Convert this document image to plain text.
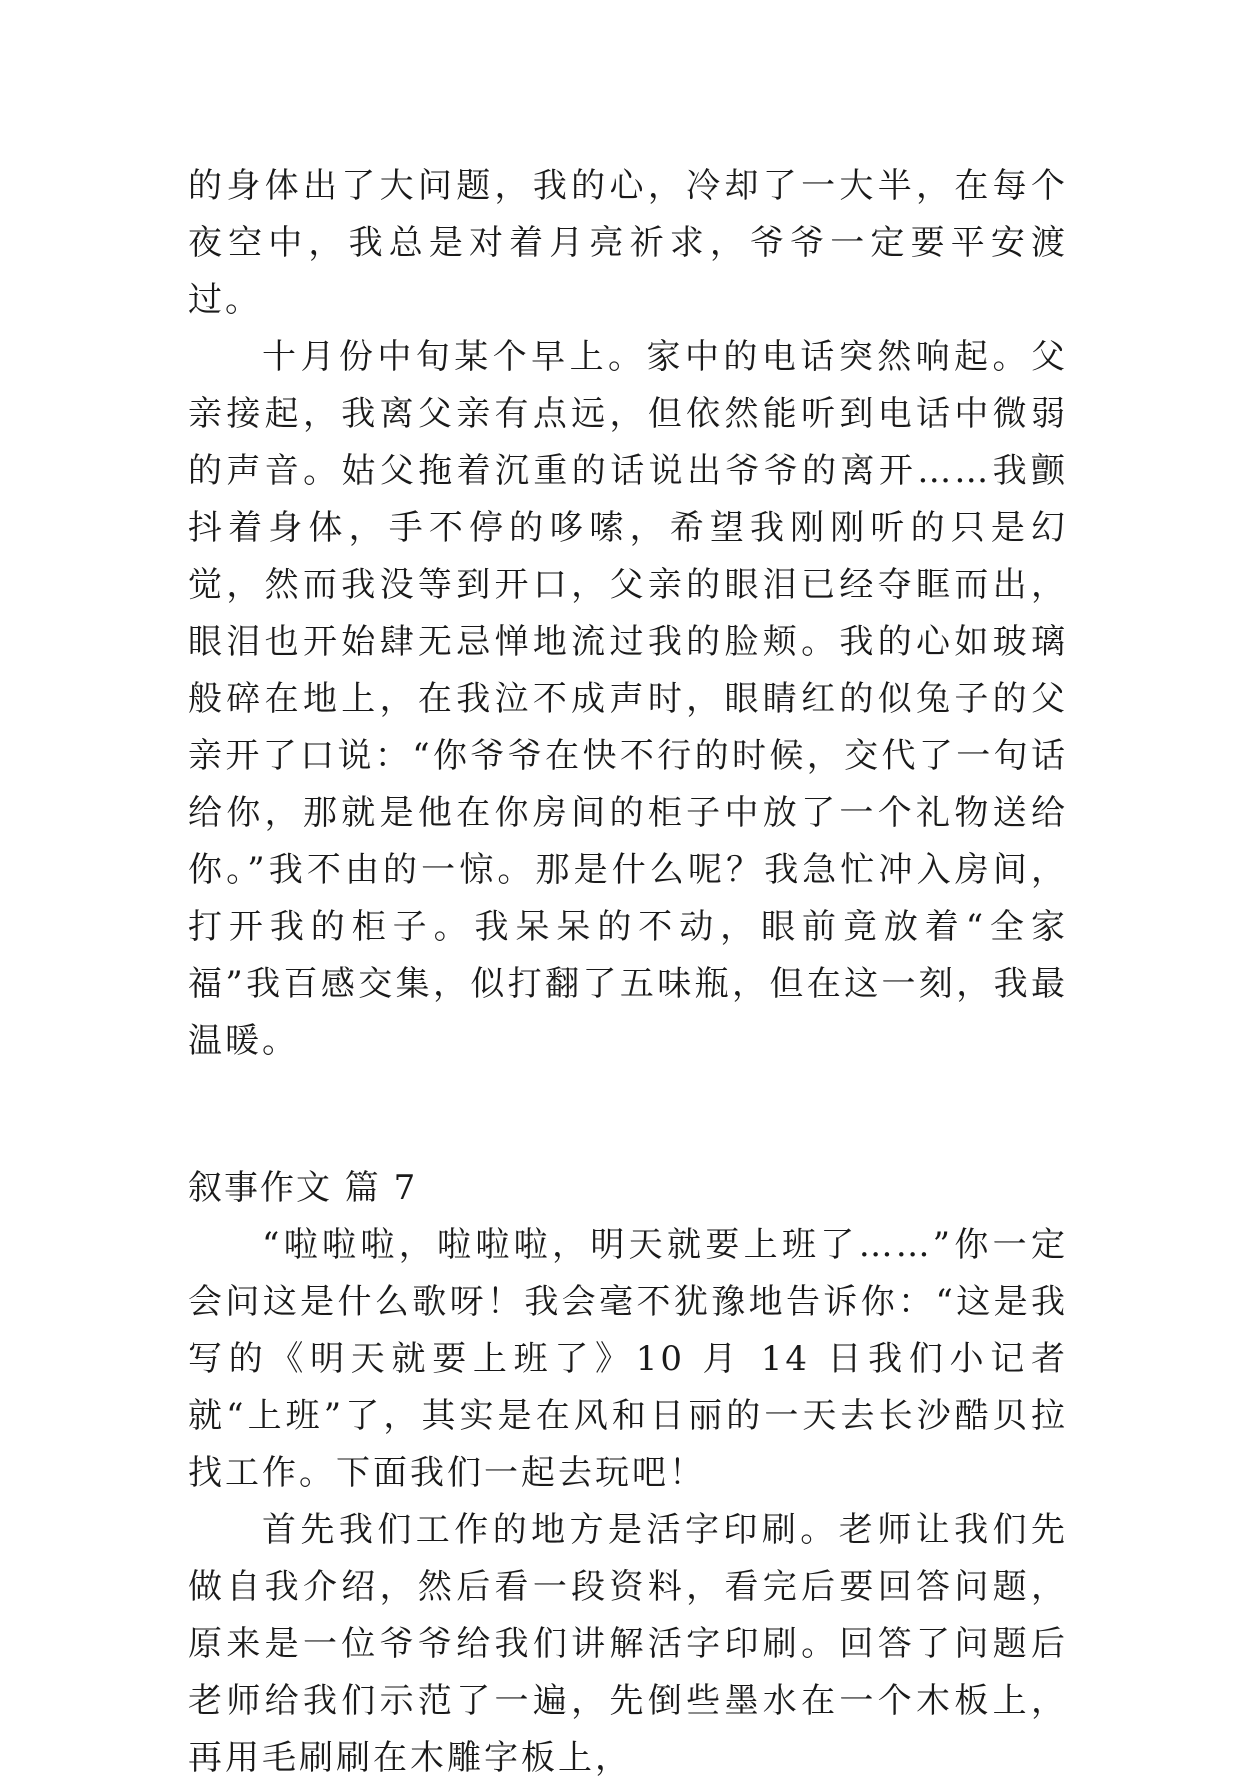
的身体出了大问题，我的心，冷却了一大半，在每个夜空中，我总是对着月亮祈求，爷爷一定要平安渡过。

十月份中旬某个早上。家中的电话突然响起。父亲接起，我离父亲有点远，但依然能听到电话中微弱的声音。姑父拖着沉重的话说出爷爷的离开……我颤抖着身体，手不停的哆嗦，希望我刚刚听的只是幻觉，然而我没等到开口，父亲的眼泪已经夺眶而出，眼泪也开始肆无忌惮地流过我的脸颊。我的心如玻璃般碎在地上，在我泣不成声时，眼睛红的似兔子的父亲开了口说：“你爷爷在快不行的时候，交代了一句话给你，那就是他在你房间的柜子中放了一个礼物送给你。”我不由的一惊。那是什么呢？我急忙冲入房间，打开我的柜子。我呆呆的不动，眼前竟放着“全家福”我百感交集，似打翻了五味瓶，但在这一刻，我最温暖。

叙事作文 篇 7

“啦啦啦，啦啦啦，明天就要上班了……”你一定会问这是什么歌呀！我会毫不犹豫地告诉你：“这是我写的《明天就要上班了》10 月 14 日我们小记者就“上班”了，其实是在风和日丽的一天去长沙酷贝拉找工作。下面我们一起去玩吧！

首先我们工作的地方是活字印刷。老师让我们先做自我介绍，然后看一段资料，看完后要回答问题，原来是一位爷爷给我们讲解活字印刷。回答了问题后老师给我们示范了一遍，先倒些墨水在一个木板上，再用毛刷刷在木雕字板上，
